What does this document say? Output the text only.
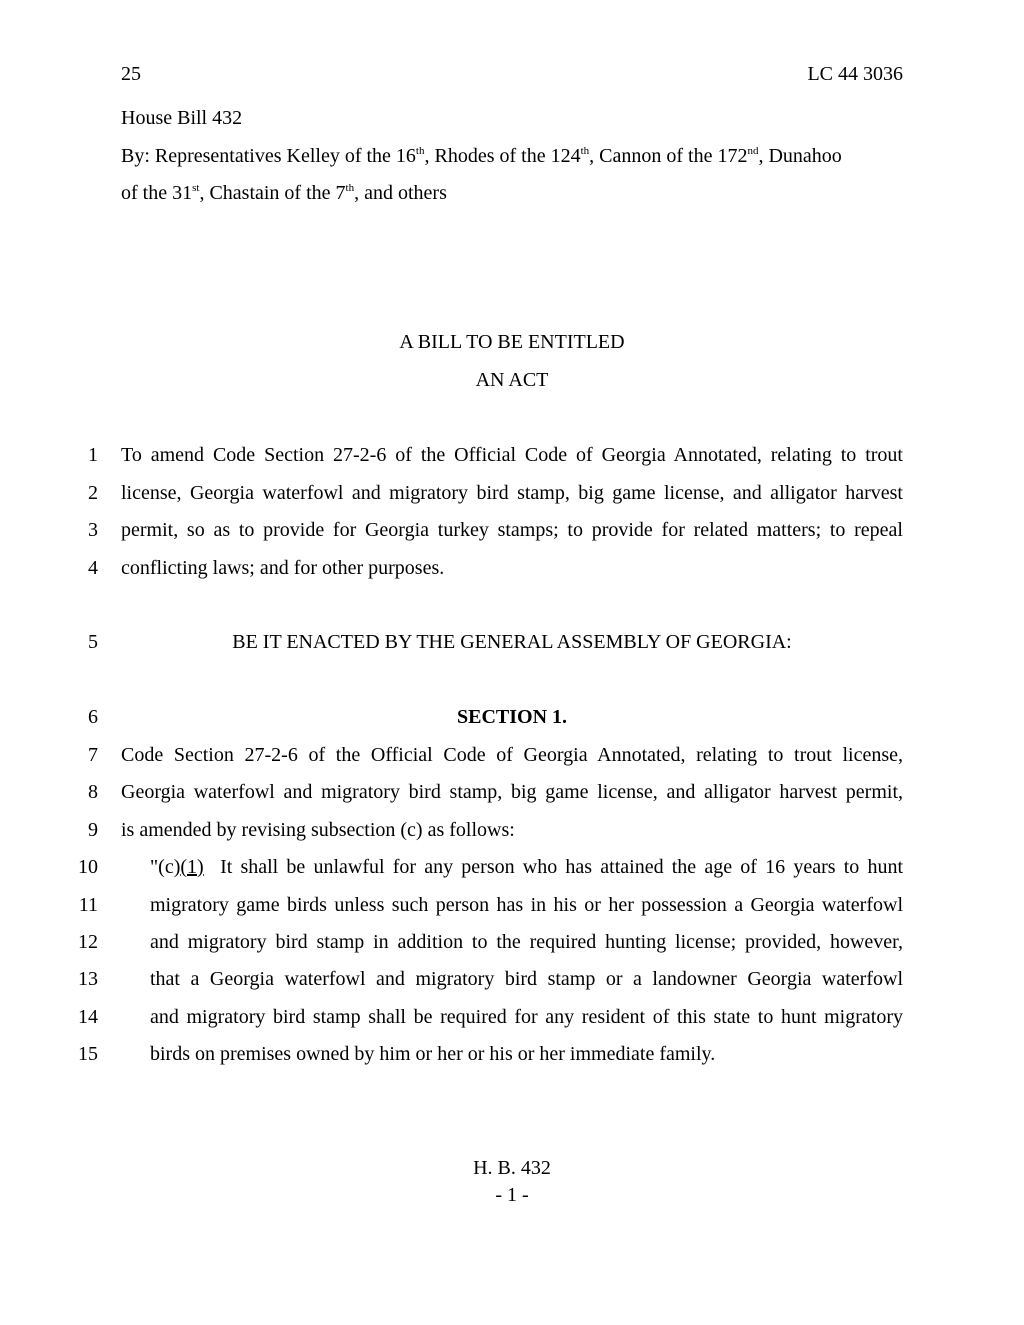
25	LC 44 3036
House Bill 432
By: Representatives Kelley of the 16th, Rhodes of the 124th, Cannon of the 172nd, Dunahoo
of the 31st, Chastain of the 7th, and others
A BILL TO BE ENTITLED
AN ACT
1 To amend Code Section 27-2-6 of the Official Code of Georgia Annotated, relating to trout
2 license, Georgia waterfowl and migratory bird stamp, big game license, and alligator harvest
3 permit, so as to provide for Georgia turkey stamps; to provide for related matters; to repeal
4 conflicting laws; and for other purposes.
5	BE IT ENACTED BY THE GENERAL ASSEMBLY OF GEORGIA:
6	SECTION 1.
7 Code Section 27-2-6 of the Official Code of Georgia Annotated, relating to trout license,
8 Georgia waterfowl and migratory bird stamp, big game license, and alligator harvest permit,
9 is amended by revising subsection (c) as follows:
10	"(c)(1)  It shall be unlawful for any person who has attained the age of 16 years to hunt
11	migratory game birds unless such person has in his or her possession a Georgia waterfowl
12	and migratory bird stamp in addition to the required hunting license; provided, however,
13	that a Georgia waterfowl and migratory bird stamp or a landowner Georgia waterfowl
14	and migratory bird stamp shall be required for any resident of this state to hunt migratory
15	birds on premises owned by him or her or his or her immediate family.
H. B. 432
- 1 -
